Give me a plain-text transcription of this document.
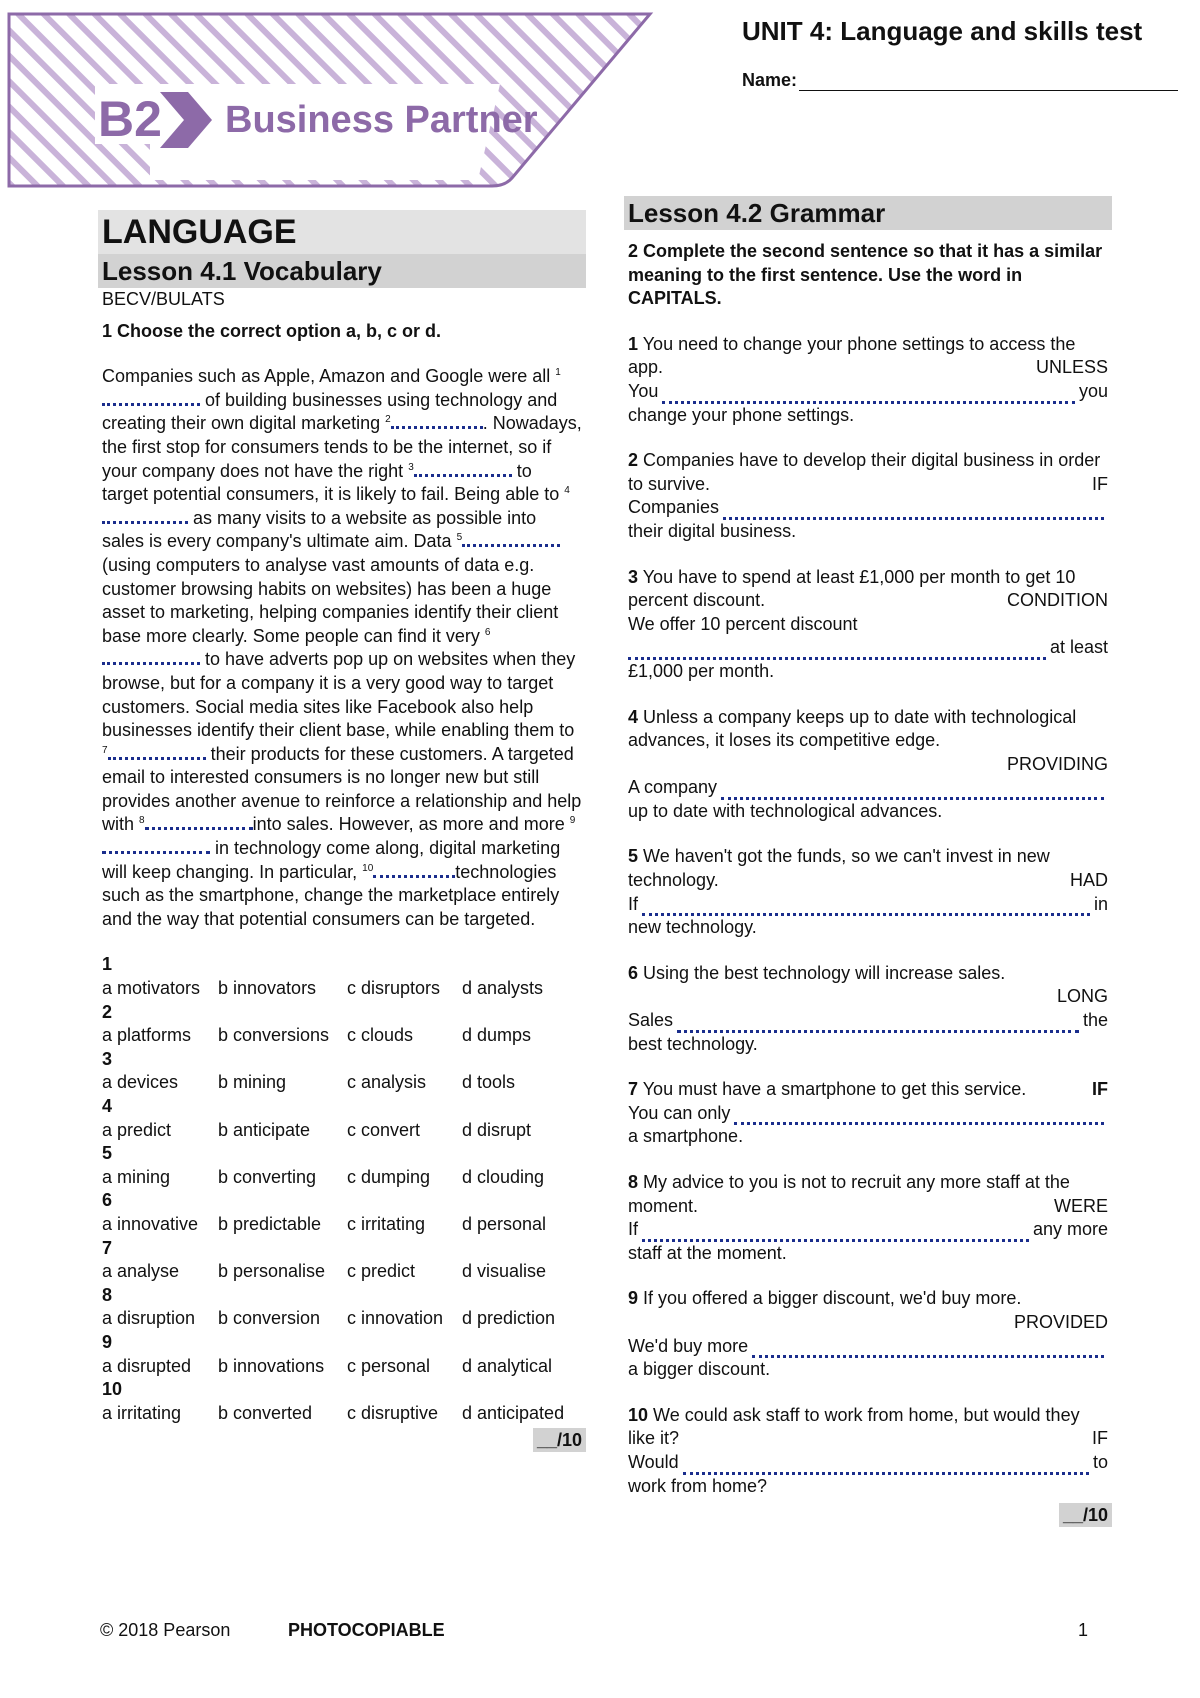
B2 Business Partner
UNIT 4: Language and skills test
Name:
LANGUAGE
Lesson 4.1 Vocabulary
BECV/BULATS
1 Choose the correct option a, b, c or d.
Companies such as Apple, Amazon and Google were all $^1$ of building businesses using technology and creating their own digital marketing $^2$	. Nowadays, the first stop for consumers tends to be the internet, so if your company does not have the right $^3$	to target potential consumers, it is likely to fail. Being able to $^4$ as many visits to a website as possible into sales is every company's ultimate aim. Data $^5$ (using computers to analyse vast amounts of data e.g. customer browsing habits on websites) has been a huge asset to marketing, helping companies identify their client base more clearly. Some people can find it very $^6$ to have adverts pop up on websites when they browse, but for a company it is a very good way to target customers. Social media sites like Facebook also help businesses identify their client base, while enabling them to $^7$	their products for these customers. A targeted email to interested consumers is no longer new but still provides another avenue to reinforce a relationship and help with $^8$	into sales. However, as more and more $^9$ in technology come along, digital marketing will keep changing. In particular, $^{10}$	technologies such as the smartphone, change the marketplace entirely and the way that potential consumers can be targeted.
1
a motivators b innovators	c disruptors	d analysts
2
a platforms	b conversions c clouds	d dumps
3
a devices	b mining	c analysis	d tools
4
a predict	b anticipate	c convert	d disrupt
5
a mining	b converting	c dumping	d clouding
6
a innovative	b predictable	c irritating	d personal
7
a analyse	b personalise	c predict	d visualise
8
a disruption	b conversion	c innovation	d prediction
9
a disrupted	b innovations	c personal	d analytical
10
a irritating	b converted	c disruptive	d anticipated
__/10
Lesson 4.2 Grammar
2 Complete the second sentence so that it has a similar meaning to the first sentence. Use the word in CAPITALS.
1 You need to change your phone settings to access the app.	UNLESS
You	you
change your phone settings.
2 Companies have to develop their digital business in order to survive.	IF
Companies
their digital business.
3 You have to spend at least £1,000 per month to get 10 percent discount.	CONDITION
We offer 10 percent discount
at least
£1,000 per month.
4 Unless a company keeps up to date with technological advances, it loses its competitive edge.
PROVIDING
A company
up to date with technological advances.
5 We haven't got the funds, so we can't invest in new technology.	HAD
If	in
new technology.
6 Using the best technology will increase sales.
LONG
Sales	the
best technology.
7 You must have a smartphone to get this service.	IF
You can only
a smartphone.
8 My advice to you is not to recruit any more staff at the moment.	WERE
If	any more
staff at the moment.
9 If you offered a bigger discount, we'd buy more.
PROVIDED
We'd buy more
a bigger discount.
10 We could ask staff to work from home, but would they like it?	IF
Would	to
work from home?
__/10
© 2018 Pearson	PHOTOCOPIABLE	1
